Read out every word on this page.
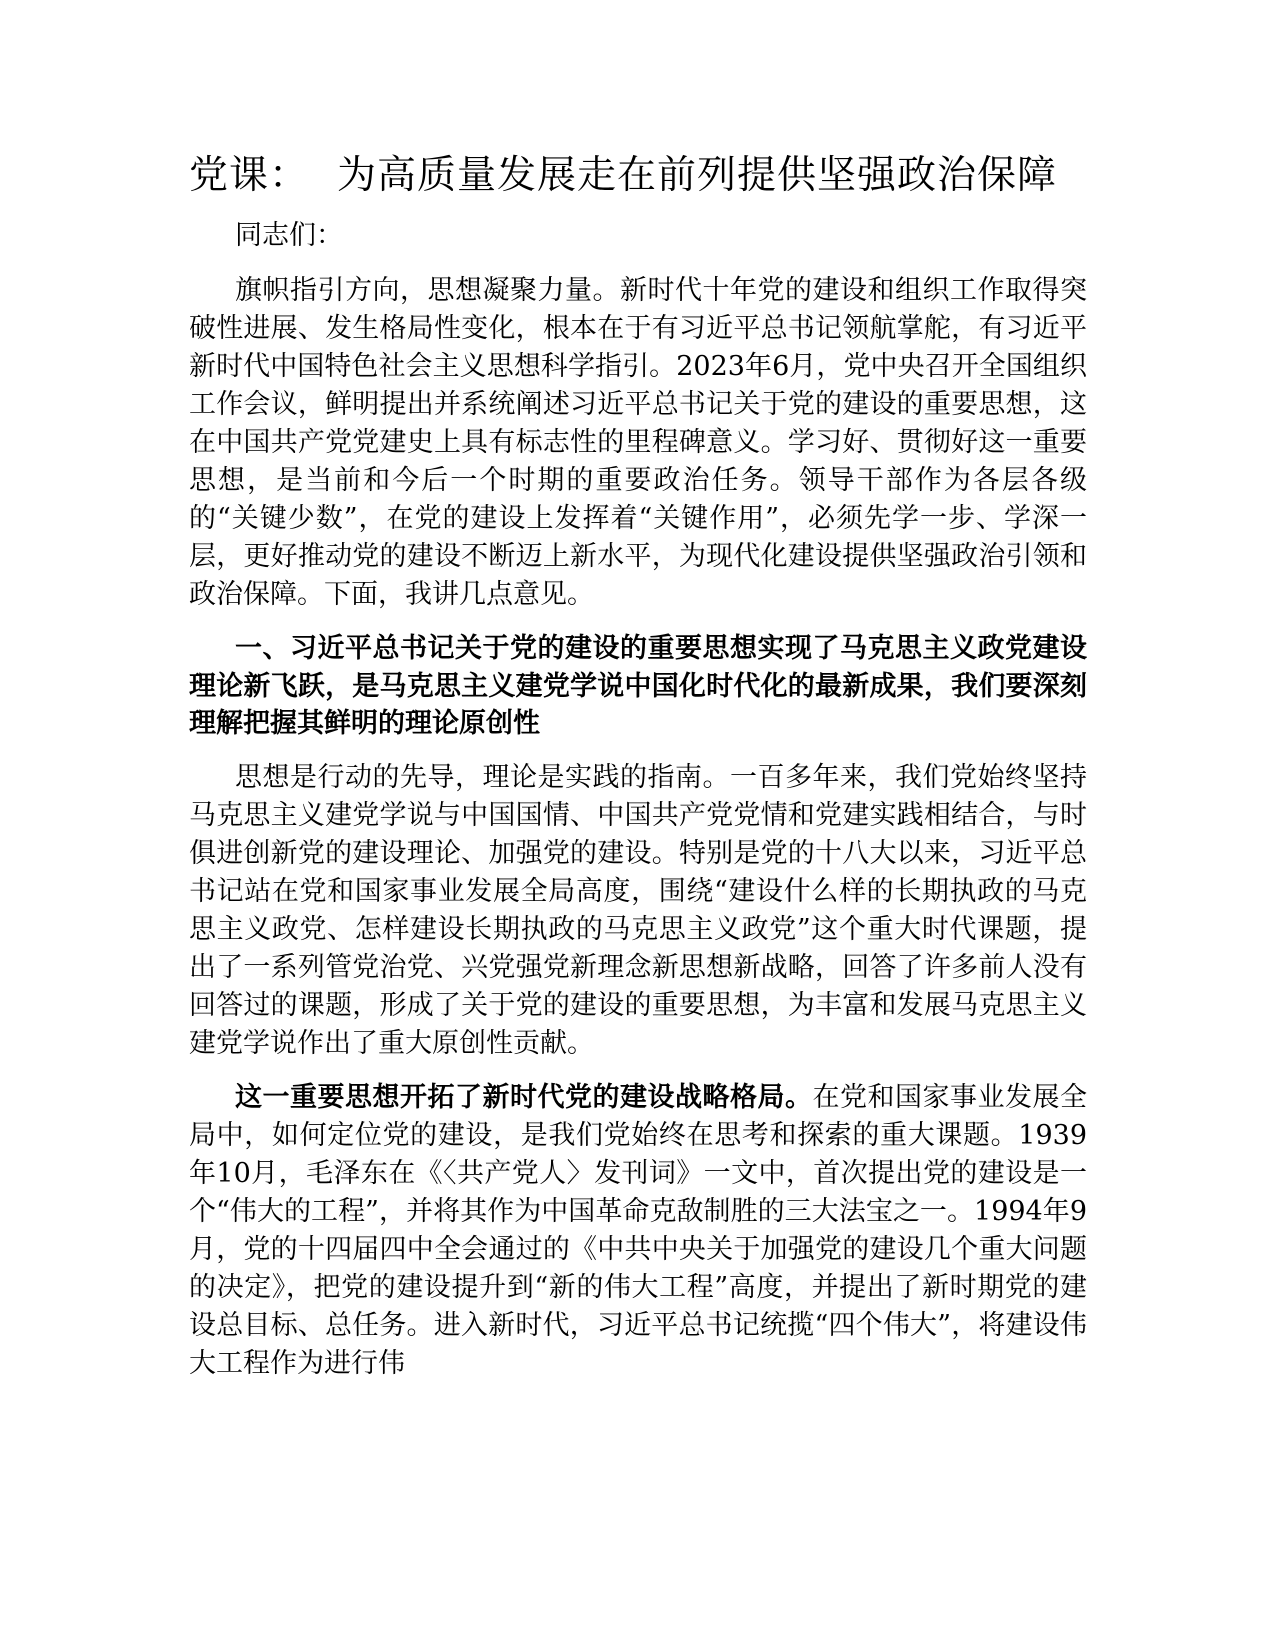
党课： 为高质量发展走在前列提供坚强政治保障

同志们：

旗帜指引方向，思想凝聚力量。新时代十年党的建设和组织工作取得突破性进展、发生格局性变化，根本在于有习近平总书记领航掌舵，有习近平新时代中国特色社会主义思想科学指引。2023年6月，党中央召开全国组织工作会议，鲜明提出并系统阐述习近平总书记关于党的建设的重要思想，这在中国共产党党建史上具有标志性的里程碑意义。学习好、贯彻好这一重要思想，是当前和今后一个时期的重要政治任务。领导干部作为各层各级的“关键少数”，在党的建设上发挥着“关键作用”，必须先学一步、学深一层，更好推动党的建设不断迈上新水平，为现代化建设提供坚强政治引领和政治保障。下面，我讲几点意见。

一、习近平总书记关于党的建设的重要思想实现了马克思主义政党建设理论新飞跃，是马克思主义建党学说中国化时代化的最新成果，我们要深刻理解把握其鲜明的理论原创性

思想是行动的先导，理论是实践的指南。一百多年来，我们党始终坚持马克思主义建党学说与中国国情、中国共产党党情和党建实践相结合，与时俱进创新党的建设理论、加强党的建设。特别是党的十八大以来，习近平总书记站在党和国家事业发展全局高度，围绕“建设什么样的长期执政的马克思主义政党、怎样建设长期执政的马克思主义政党”这个重大时代课题，提出了一系列管党治党、兴党强党新理念新思想新战略，回答了许多前人没有回答过的课题，形成了关于党的建设的重要思想，为丰富和发展马克思主义建党学说作出了重大原创性贡献。

这一重要思想开拓了新时代党的建设战略格局。在党和国家事业发展全局中，如何定位党的建设，是我们党始终在思考和探索的重大课题。1939年10月，毛泽东在《〈共产党人〉发刊词》一文中，首次提出党的建设是一个“伟大的工程”，并将其作为中国革命克敌制胜的三大法宝之一。1994年9月，党的十四届四中全会通过的《中共中央关于加强党的建设几个重大问题的决定》，把党的建设提升到“新的伟大工程”高度，并提出了新时期党的建设总目标、总任务。进入新时代，习近平总书记统揽“四个伟大”，将建设伟大工程作为进行伟
